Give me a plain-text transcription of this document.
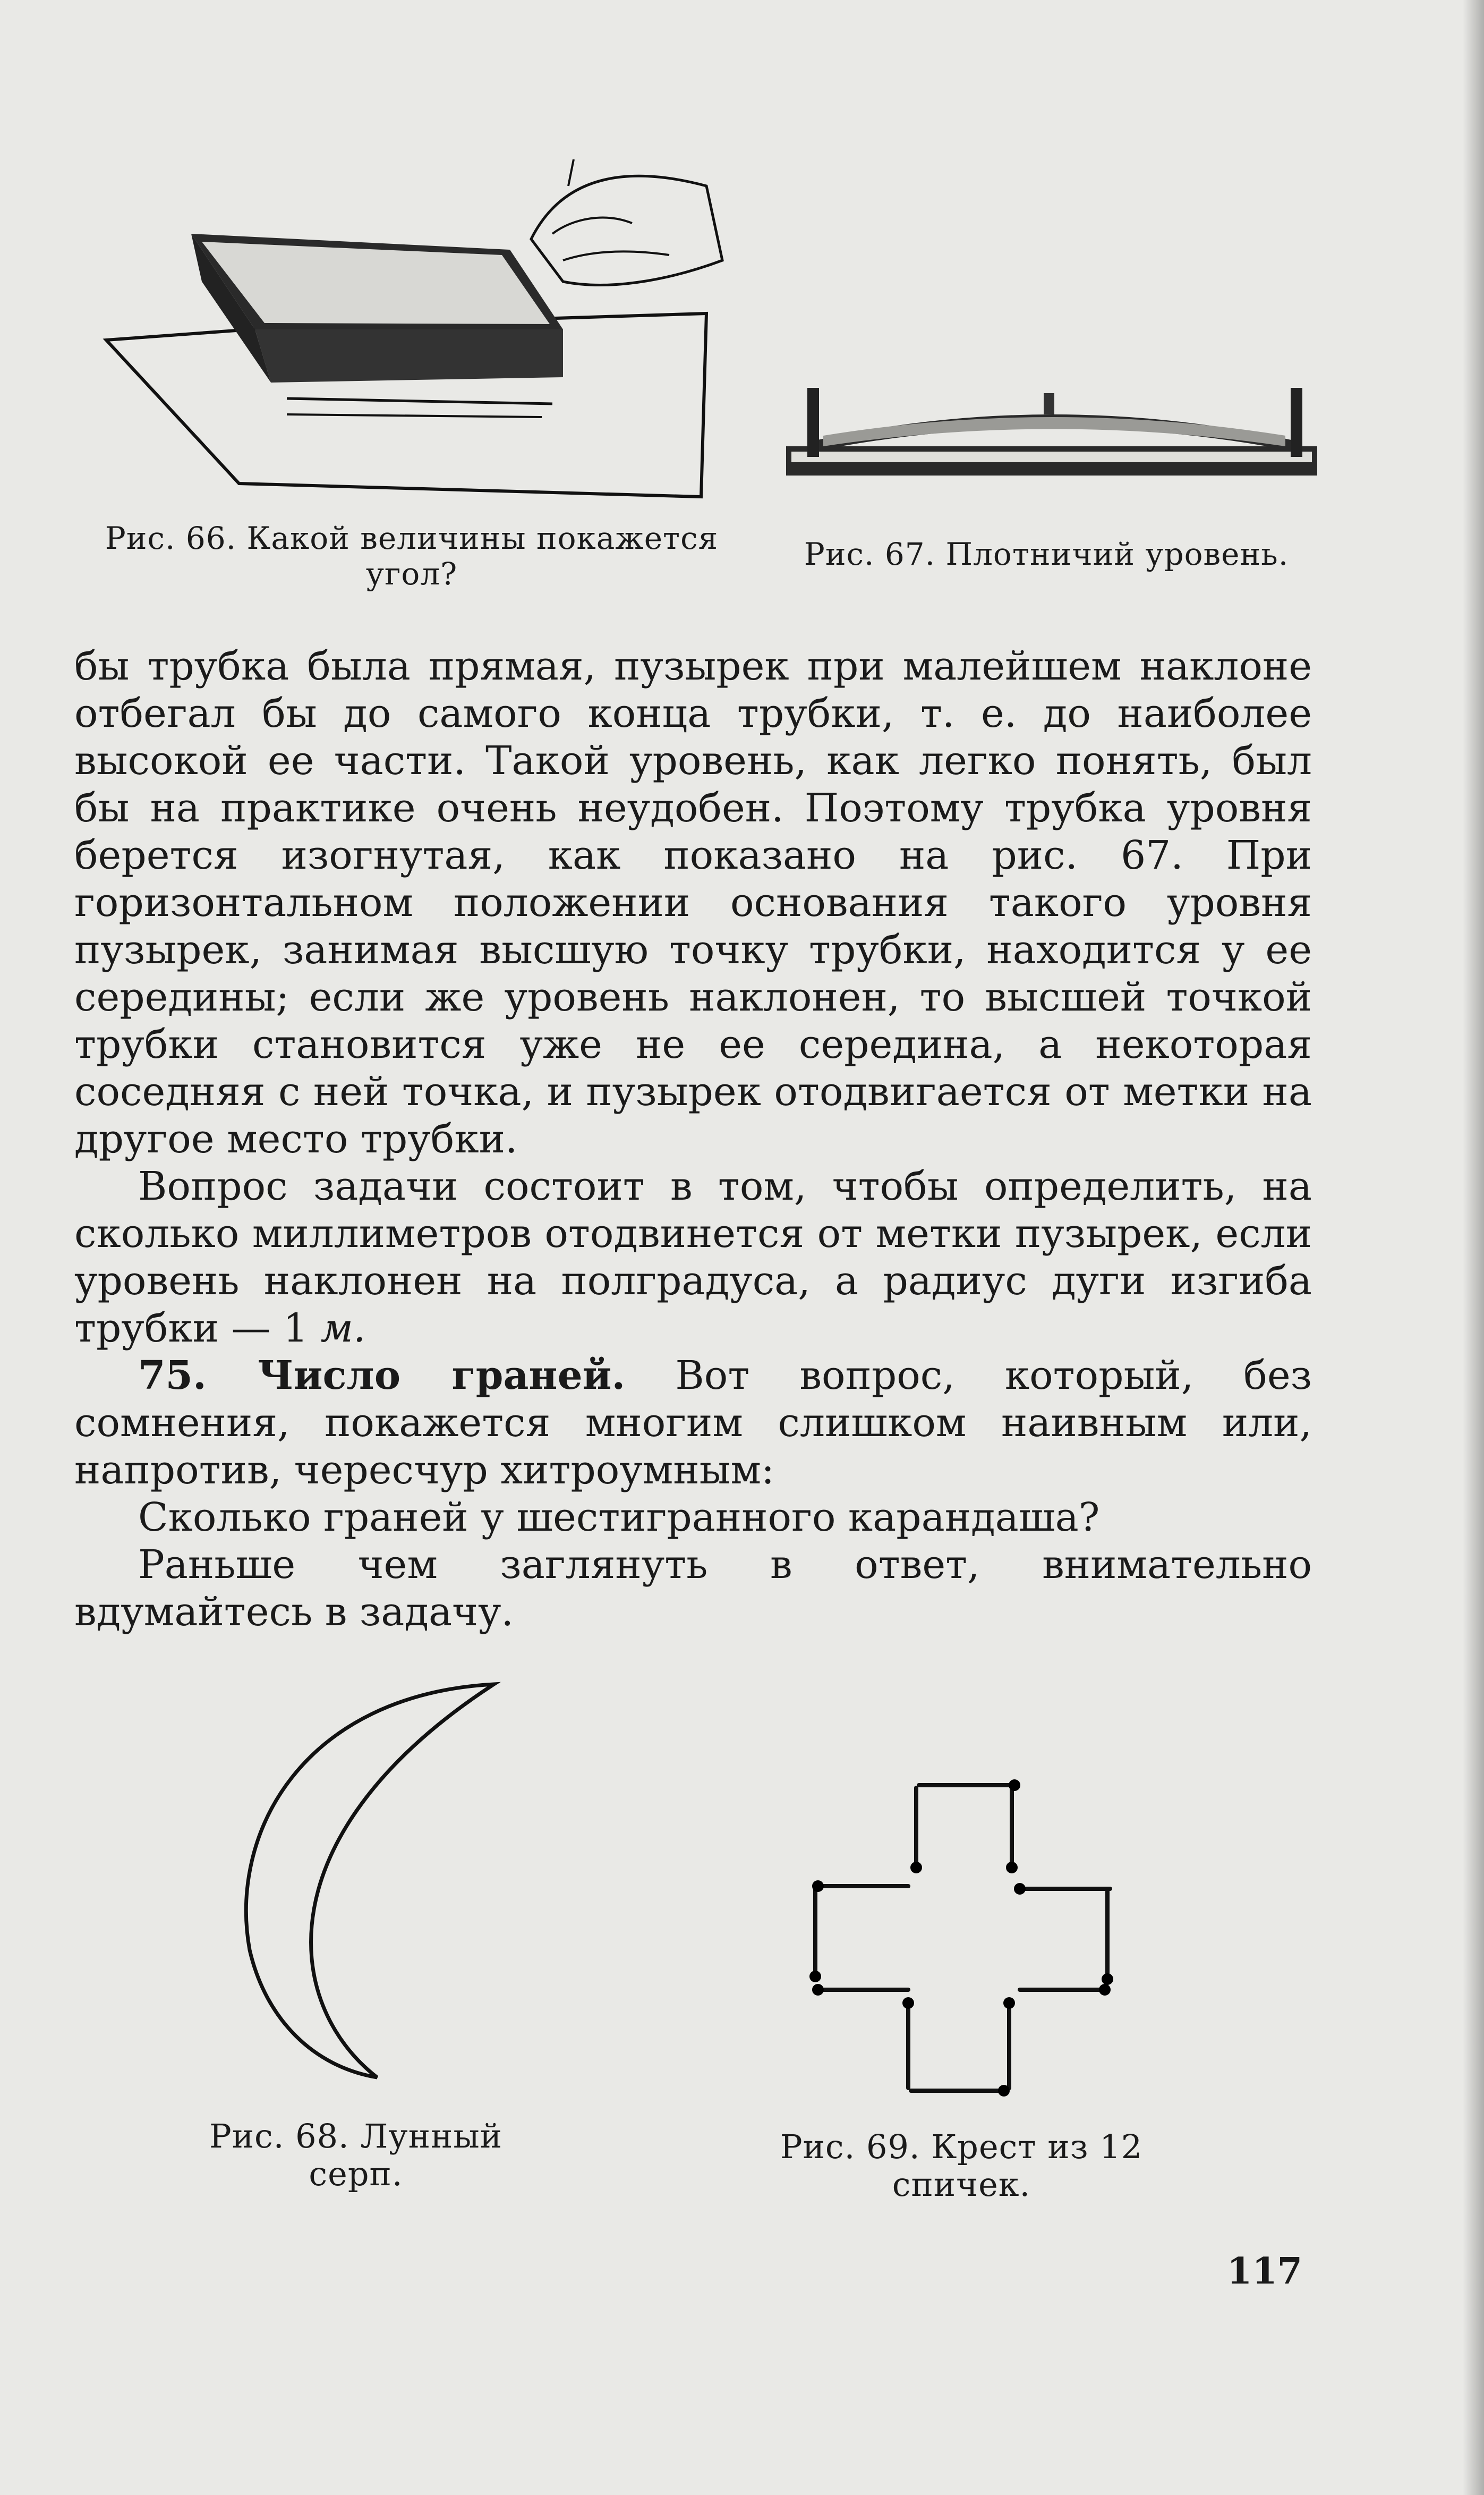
Рис. 66. Какой величины покажется угол?
Рис. 67. Плотничий уровень.

бы трубка была прямая, пузырек при малейшем наклоне отбегал бы до самого конца трубки, т. е. до наиболее высокой ее части. Такой уровень, как легко понять, был бы на практике очень неудобен. Поэтому трубка уровня берется изогнутая, как показано на рис. 67. При горизонтальном положении основания такого уровня пузырек, занимая высшую точку трубки, находится у ее середины; если же уровень наклонен, то высшей точкой трубки становится уже не ее середина, а некоторая соседняя с ней точка, и пузырек отодвигается от метки на другое место трубки.

Вопрос задачи состоит в том, чтобы определить, на сколько миллиметров отодвинется от метки пузырек, если уровень наклонен на полградуса, а радиус дуги изгиба трубки — 1 м.

75. Число граней. Вот вопрос, который, без сомнения, покажется многим слишком наивным или, напротив, чересчур хитроумным:

Сколько граней у шестигранного карандаша?

Раньше чем заглянуть в ответ, внимательно вдумайтесь в задачу.

Рис. 68. Лунный серп.
Рис. 69. Крест из 12 спичек.
117
